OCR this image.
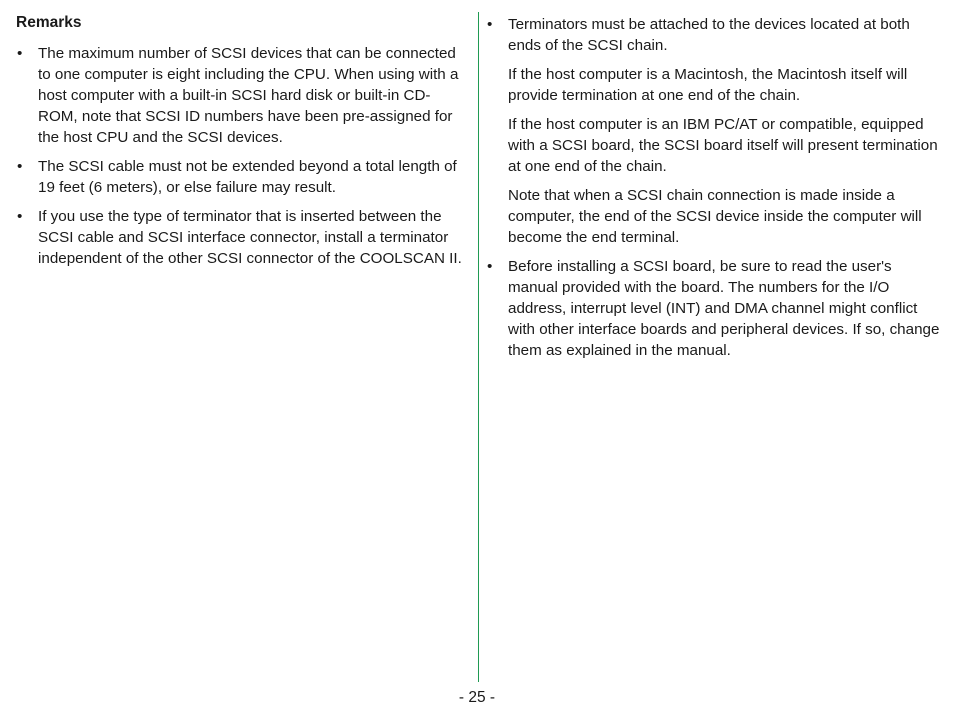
Remarks
•	The maximum number of SCSI devices that can be connected to one computer is eight including the CPU. When using with a host computer with a built-in SCSI hard disk or built-in CD-ROM, note that SCSI ID numbers have been pre-assigned for the host CPU and the SCSI devices.
•	The SCSI cable must not be extended beyond a total length of 19 feet (6 meters), or else failure may result.
•	If you use the type of terminator that is inserted between the SCSI cable and SCSI interface connector, install a terminator independent of the other SCSI connector of the COOLSCAN II.
•	Terminators must be attached to the devices located at both ends of the SCSI chain.
If the host computer is a Macintosh, the Macintosh itself will provide termination at one end of the chain.
If the host computer is an IBM PC/AT or compatible, equipped with a SCSI board, the SCSI board itself will present termination at one end of the chain.
Note that when a SCSI chain connection is made inside a computer, the end of the SCSI device inside the computer will become the end terminal.
•	Before installing a SCSI board, be sure to read the user's manual provided with the board. The numbers for the I/O address, interrupt level (INT) and DMA channel might conflict with other interface boards and peripheral devices. If so, change them as explained in the manual.
- 25 -
